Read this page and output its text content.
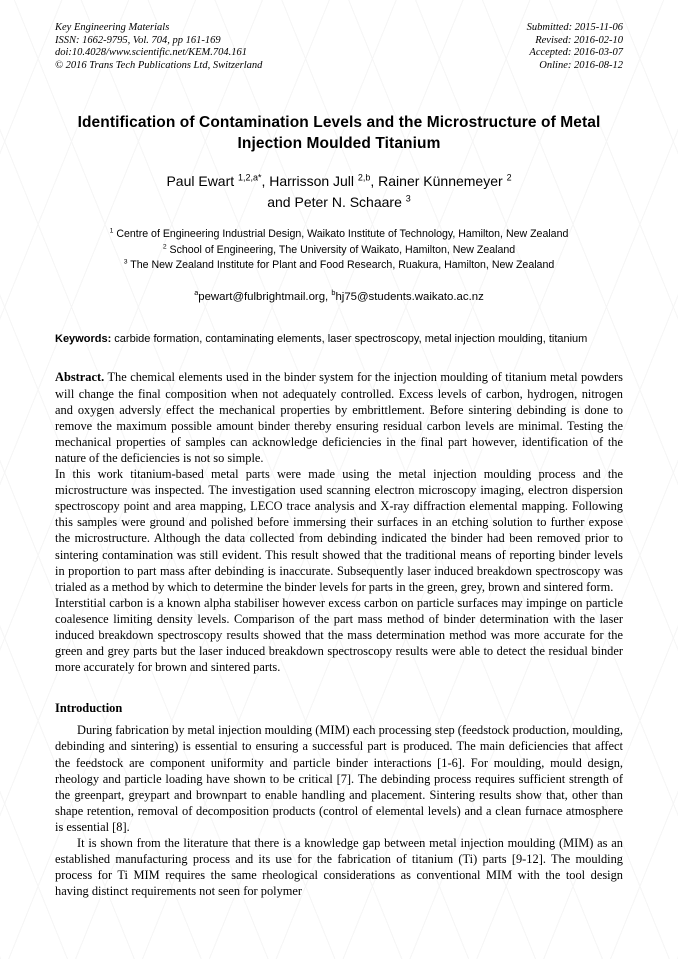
Key Engineering Materials
ISSN: 1662-9795, Vol. 704, pp 161-169
doi:10.4028/www.scientific.net/KEM.704.161
© 2016 Trans Tech Publications Ltd, Switzerland
Submitted: 2015-11-06
Revised: 2016-02-10
Accepted: 2016-03-07
Online: 2016-08-12
Identification of Contamination Levels and the Microstructure of Metal Injection Moulded Titanium
Paul Ewart $^{1,2,a*}$, Harrisson Jull $^{2,b}$, Rainer Künnemeyer $^2$
and Peter N. Schaare $^3$
$^1$ Centre of Engineering Industrial Design, Waikato Institute of Technology, Hamilton, New Zealand
$^2$ School of Engineering, The University of Waikato, Hamilton, New Zealand
$^3$ The New Zealand Institute for Plant and Food Research, Ruakura, Hamilton, New Zealand
$^a$pewart@fulbrightmail.org, $^b$hj75@students.waikato.ac.nz
Keywords: carbide formation, contaminating elements, laser spectroscopy, metal injection moulding, titanium

Abstract. The chemical elements used in the binder system for the injection moulding of titanium metal powders will change the final composition when not adequately controlled. Excess levels of carbon, hydrogen, nitrogen and oxygen adversly effect the mechanical properties by embrittlement. Before sintering debinding is done to remove the maximum possible amount binder thereby ensuring residual carbon levels are minimal. Testing the mechanical properties of samples can acknowledge deficiencies in the final part however, identification of the nature of the deficiencies is not so simple.

In this work titanium-based metal parts were made using the metal injection moulding process and the microstructure was inspected. The investigation used scanning electron microscopy imaging, electron dispersion spectroscopy point and area mapping, LECO trace analysis and X-ray diffraction elemental mapping. Following this samples were ground and polished before immersing their surfaces in an etching solution to further expose the microstructure. Although the data collected from debinding indicated the binder had been removed prior to sintering contamination was still evident. This result showed that the traditional means of reporting binder levels in proportion to part mass after debinding is inaccurate. Subsequently laser induced breakdown spectroscopy was trialed as a method by which to determine the binder levels for parts in the green, grey, brown and sintered form.

Interstitial carbon is a known alpha stabiliser however excess carbon on particle surfaces may impinge on particle coalesence limiting density levels. Comparison of the part mass method of binder determination with the laser induced breakdown spectroscopy results showed that the mass determination method was more accurate for the green and grey parts but the laser induced breakdown spectroscopy results were able to detect the residual binder more accurately for brown and sintered parts.

Introduction

During fabrication by metal injection moulding (MIM) each processing step (feedstock production, moulding, debinding and sintering) is essential to ensuring a successful part is produced. The main deficiencies that affect the feedstock are component uniformity and particle binder interactions [1-6]. For moulding, mould design, rheology and particle loading have shown to be critical [7]. The debinding process requires sufficient strength of the greenpart, greypart and brownpart to enable handling and placement. Sintering results show that, other than shape retention, removal of decomposition products (control of elemental levels) and a clean furnace atmosphere is essential [8].

It is shown from the literature that there is a knowledge gap between metal injection moulding (MIM) as an established manufacturing process and its use for the fabrication of titanium (Ti) parts [9-12]. The moulding process for Ti MIM requires the same rheological considerations as conventional MIM with the tool design having distinct requirements not seen for polymer
